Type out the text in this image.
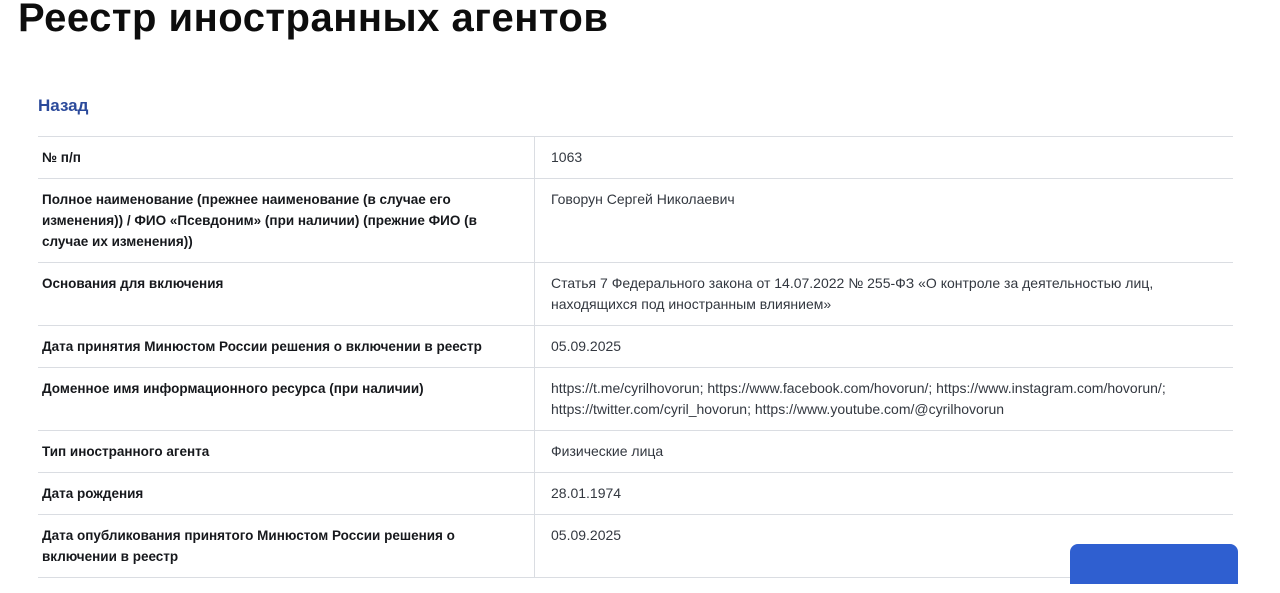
Реестр иностранных агентов
Назад
№ п/п	1063
Полное наименование (прежнее наименование (в случае его изменения)) / ФИО «Псевдоним» (при наличии) (прежние ФИО (в случае их изменения))	Говорун Сергей Николаевич
Основания для включения	Статья 7 Федерального закона от 14.07.2022 № 255-ФЗ «О контроле за деятельностью лиц, находящихся под иностранным влиянием»
Дата принятия Минюстом России решения о включении в реестр	05.09.2025
Доменное имя информационного ресурса (при наличии)	https://t.me/cyrilhovorun; https://www.facebook.com/hovorun/; https://www.instagram.com/hovorun/; https://twitter.com/cyril_hovorun; https://www.youtube.com/@cyrilhovorun
Тип иностранного агента	Физические лица
Дата рождения	28.01.1974
Дата опубликования принятого Минюстом России решения о включении в реестр	05.09.2025
